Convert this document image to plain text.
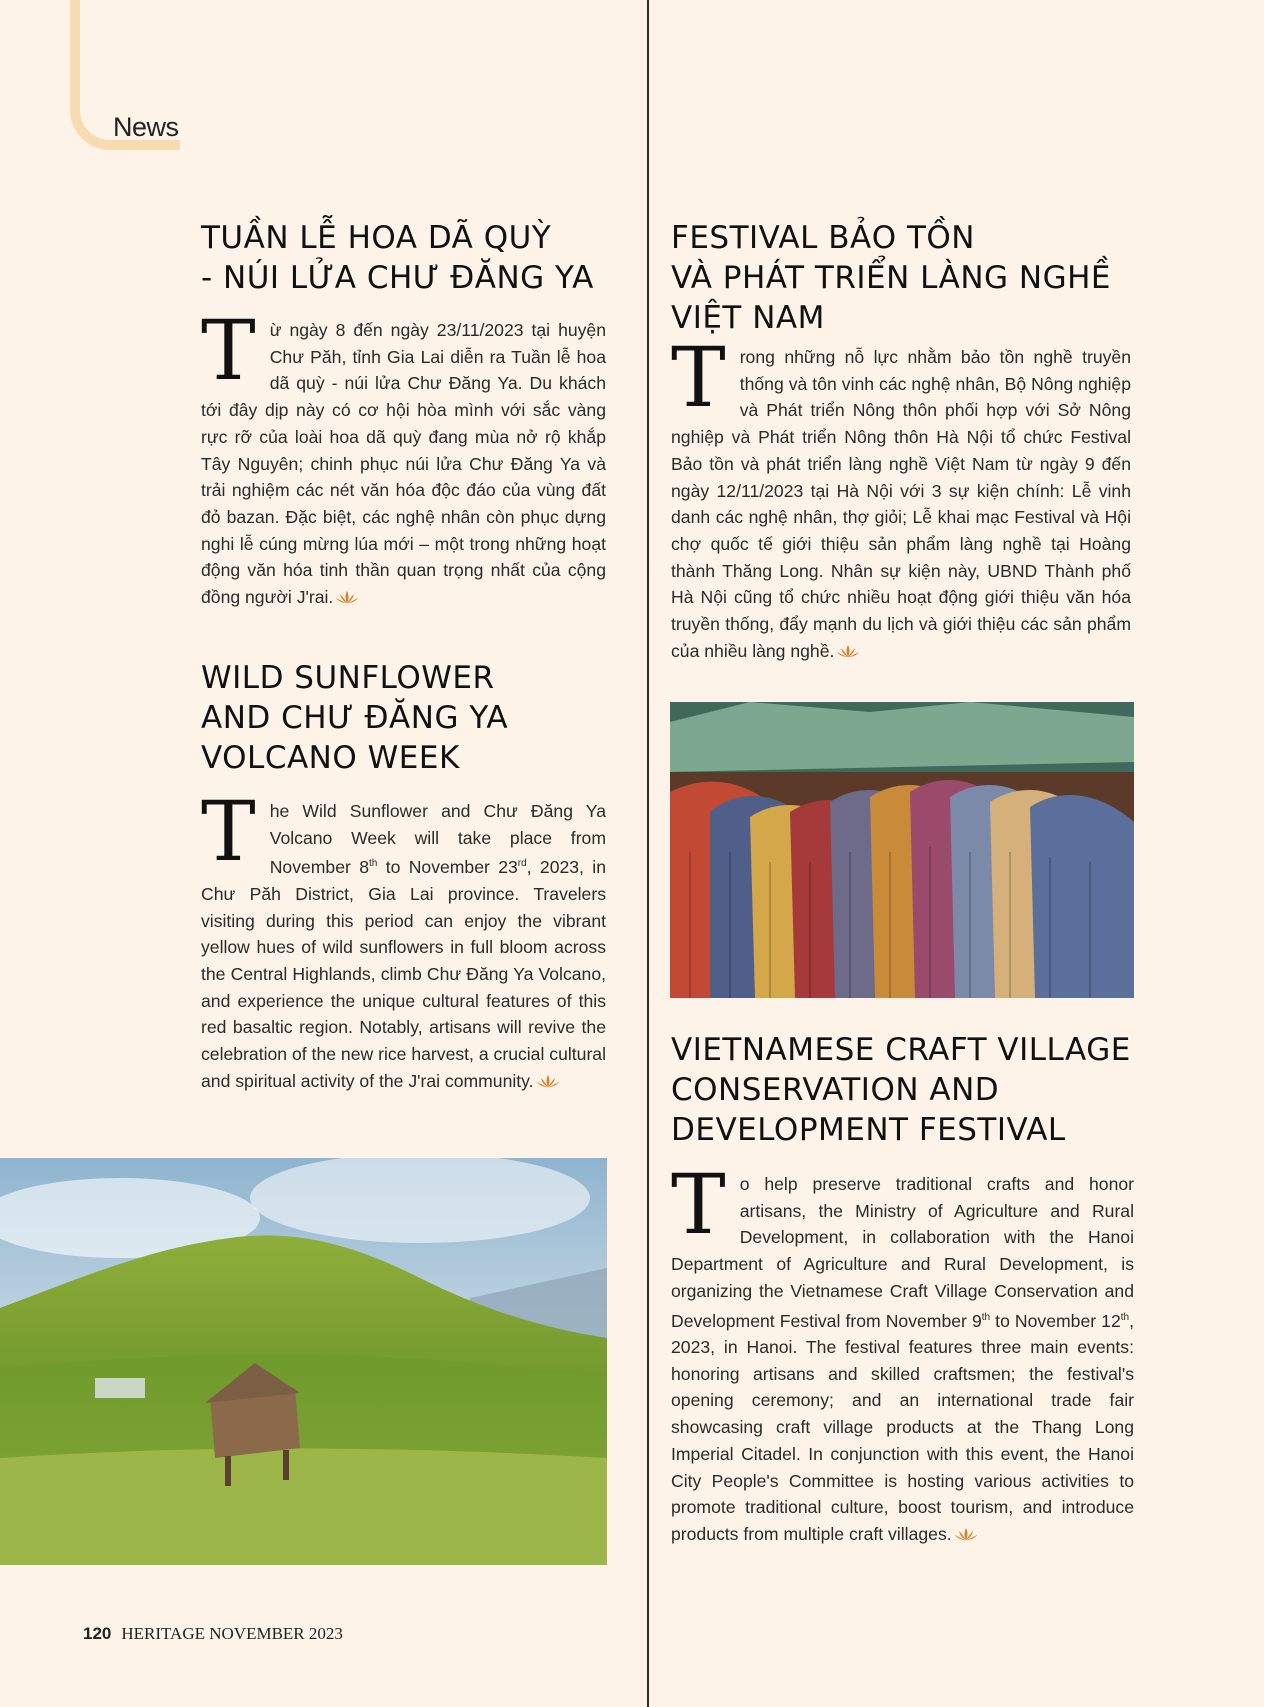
News
TUẦN LỄ HOA DÃ QUỲ
- NÚI LỬA CHƯ ĐĂNG YA
Từ ngày 8 đến ngày 23/11/2023 tại huyện Chư Păh, tỉnh Gia Lai diễn ra Tuần lễ hoa dã quỳ - núi lửa Chư Đăng Ya. Du khách tới đây dịp này có cơ hội hòa mình với sắc vàng rực rỡ của loài hoa dã quỳ đang mùa nở rộ khắp Tây Nguyên; chinh phục núi lửa Chư Đăng Ya và trải nghiệm các nét văn hóa độc đáo của vùng đất đỏ bazan. Đặc biệt, các nghệ nhân còn phục dựng nghi lễ cúng mừng lúa mới – một trong những hoạt động văn hóa tinh thần quan trọng nhất của cộng đồng người J'rai.
WILD SUNFLOWER
AND CHƯ ĐĂNG YA
VOLCANO WEEK
The Wild Sunflower and Chư Đăng Ya Volcano Week will take place from November 8th to November 23rd, 2023, in Chư Păh District, Gia Lai province. Travelers visiting during this period can enjoy the vibrant yellow hues of wild sunflowers in full bloom across the Central Highlands, climb Chư Đăng Ya Volcano, and experience the unique cultural features of this red basaltic region. Notably, artisans will revive the celebration of the new rice harvest, a crucial cultural and spiritual activity of the J'rai community.
FESTIVAL BẢO TỒN
VÀ PHÁT TRIỂN LÀNG NGHỀ
VIỆT NAM
Trong những nỗ lực nhằm bảo tồn nghề truyền thống và tôn vinh các nghệ nhân, Bộ Nông nghiệp và Phát triển Nông thôn phối hợp với Sở Nông nghiệp và Phát triển Nông thôn Hà Nội tổ chức Festival Bảo tồn và phát triển làng nghề Việt Nam từ ngày 9 đến ngày 12/11/2023 tại Hà Nội với 3 sự kiện chính: Lễ vinh danh các nghệ nhân, thợ giỏi; Lễ khai mạc Festival và Hội chợ quốc tế giới thiệu sản phẩm làng nghề tại Hoàng thành Thăng Long. Nhân sự kiện này, UBND Thành phố Hà Nội cũng tổ chức nhiều hoạt động giới thiệu văn hóa truyền thống, đẩy mạnh du lịch và giới thiệu các sản phẩm của nhiều làng nghề.
VIETNAMESE CRAFT VILLAGE
CONSERVATION AND
DEVELOPMENT FESTIVAL
To help preserve traditional crafts and honor artisans, the Ministry of Agriculture and Rural Development, in collaboration with the Hanoi Department of Agriculture and Rural Development, is organizing the Vietnamese Craft Village Conservation and Development Festival from November 9th to November 12th, 2023, in Hanoi. The festival features three main events: honoring artisans and skilled craftsmen; the festival's opening ceremony; and an international trade fair showcasing craft village products at the Thang Long Imperial Citadel. In conjunction with this event, the Hanoi City People's Committee is hosting various activities to promote traditional culture, boost tourism, and introduce products from multiple craft villages.
120 HERITAGE NOVEMBER 2023
